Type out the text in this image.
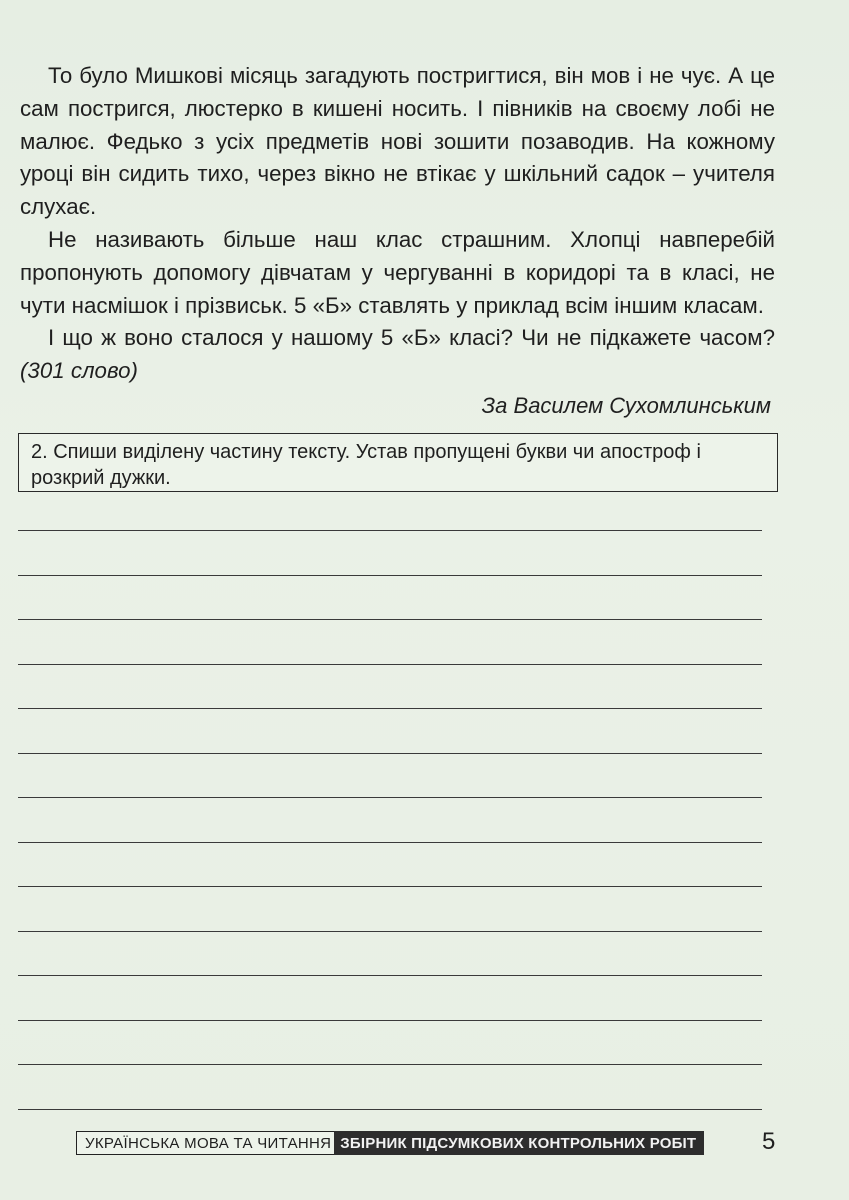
То було Мишкові місяць загадують постригтися, він мов і не чує. А це сам постригся, люстерко в кишені носить. І півників на своєму лобі не малює. Федько з усіх предметів нові зошити позаводив. На кожному уроці він сидить тихо, через вікно не втікає у шкільний садок – учителя слухає.

Не називають більше наш клас страшним. Хлопці навперебій пропонують допомогу дівчатам у чергуванні в коридорі та в класі, не чути насмішок і прізвиськ. 5 «Б» ставлять у приклад всім іншим класам.

І що ж воно сталося у нашому 5 «Б» класі? Чи не підкажете часом? (301 слово)

За Василем Сухомлинським
2. Спиши виділену частину тексту. Устав пропущені букви чи апостроф і розкрий дужки.
УКРАЇНСЬКА МОВА ТА ЧИТАННЯ ЗБІРНИК ПІДСУМКОВИХ КОНТРОЛЬНИХ РОБІТ	5
